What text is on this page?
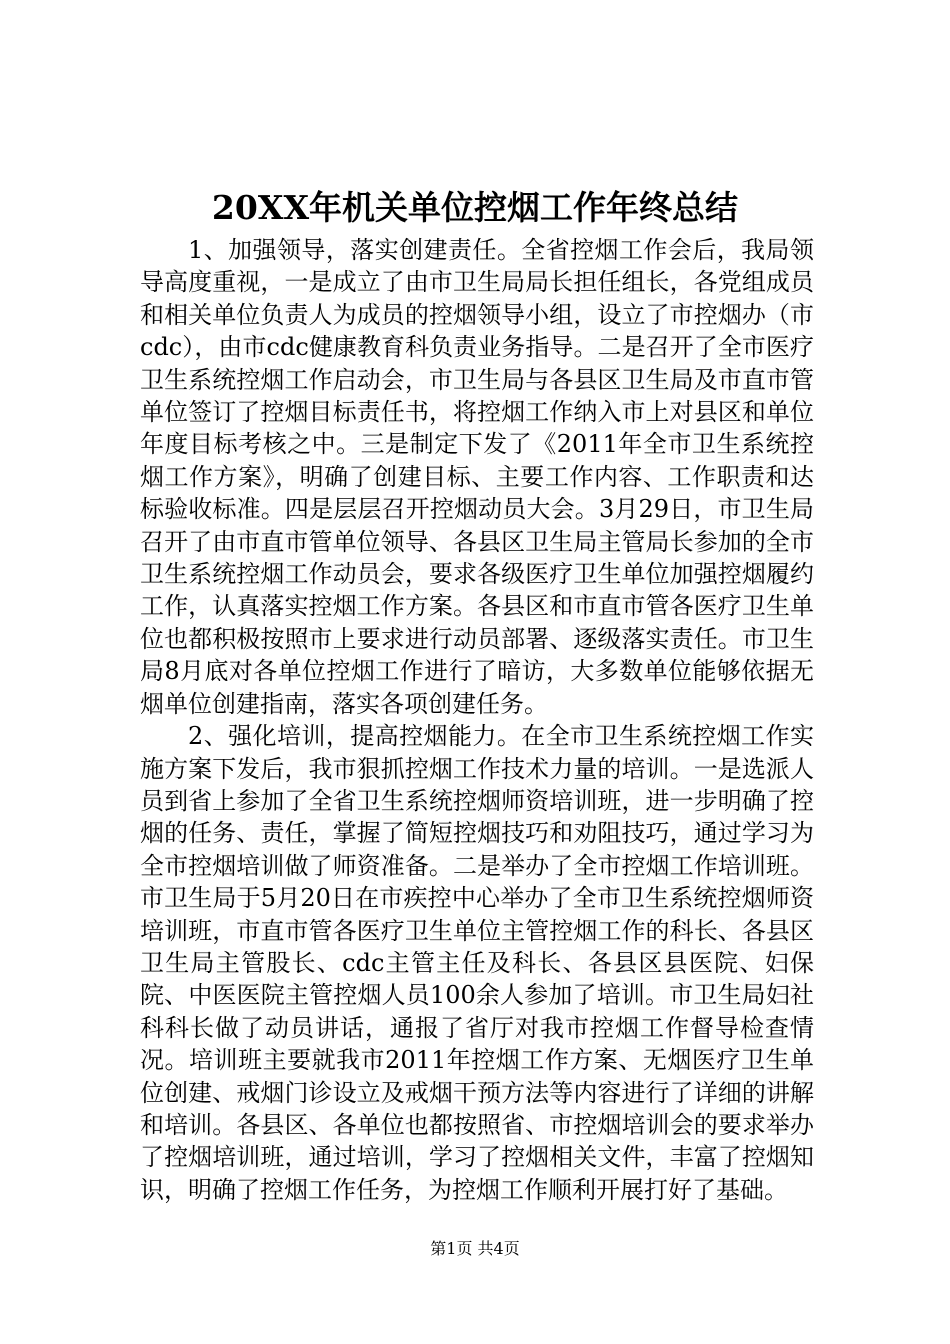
20XX年机关单位控烟工作年终总结

1、加强领导，落实创建责任。全省控烟工作会后，我局领导高度重视，一是成立了由市卫生局局长担任组长，各党组成员和相关单位负责人为成员的控烟领导小组，设立了市控烟办（市cdc），由市cdc健康教育科负责业务指导。二是召开了全市医疗卫生系统控烟工作启动会，市卫生局与各县区卫生局及市直市管单位签订了控烟目标责任书，将控烟工作纳入市上对县区和单位年度目标考核之中。三是制定下发了《2011年全市卫生系统控烟工作方案》，明确了创建目标、主要工作内容、工作职责和达标验收标准。四是层层召开控烟动员大会。3月29日，市卫生局召开了由市直市管单位领导、各县区卫生局主管局长参加的全市卫生系统控烟工作动员会，要求各级医疗卫生单位加强控烟履约工作，认真落实控烟工作方案。各县区和市直市管各医疗卫生单位也都积极按照市上要求进行动员部署、逐级落实责任。市卫生局8月底对各单位控烟工作进行了暗访，大多数单位能够依据无烟单位创建指南，落实各项创建任务。

2、强化培训，提高控烟能力。在全市卫生系统控烟工作实施方案下发后，我市狠抓控烟工作技术力量的培训。一是选派人员到省上参加了全省卫生系统控烟师资培训班，进一步明确了控烟的任务、责任，掌握了简短控烟技巧和劝阻技巧，通过学习为全市控烟培训做了师资准备。二是举办了全市控烟工作培训班。市卫生局于5月20日在市疾控中心举办了全市卫生系统控烟师资培训班，市直市管各医疗卫生单位主管控烟工作的科长、各县区卫生局主管股长、cdc主管主任及科长、各县区县医院、妇保院、中医医院主管控烟人员100余人参加了培训。市卫生局妇社科科长做了动员讲话，通报了省厅对我市控烟工作督导检查情况。培训班主要就我市2011年控烟工作方案、无烟医疗卫生单位创建、戒烟门诊设立及戒烟干预方法等内容进行了详细的讲解和培训。各县区、各单位也都按照省、市控烟培训会的要求举办了控烟培训班，通过培训，学习了控烟相关文件，丰富了控烟知识，明确了控烟工作任务，为控烟工作顺利开展打好了基础。

第1页 共4页
